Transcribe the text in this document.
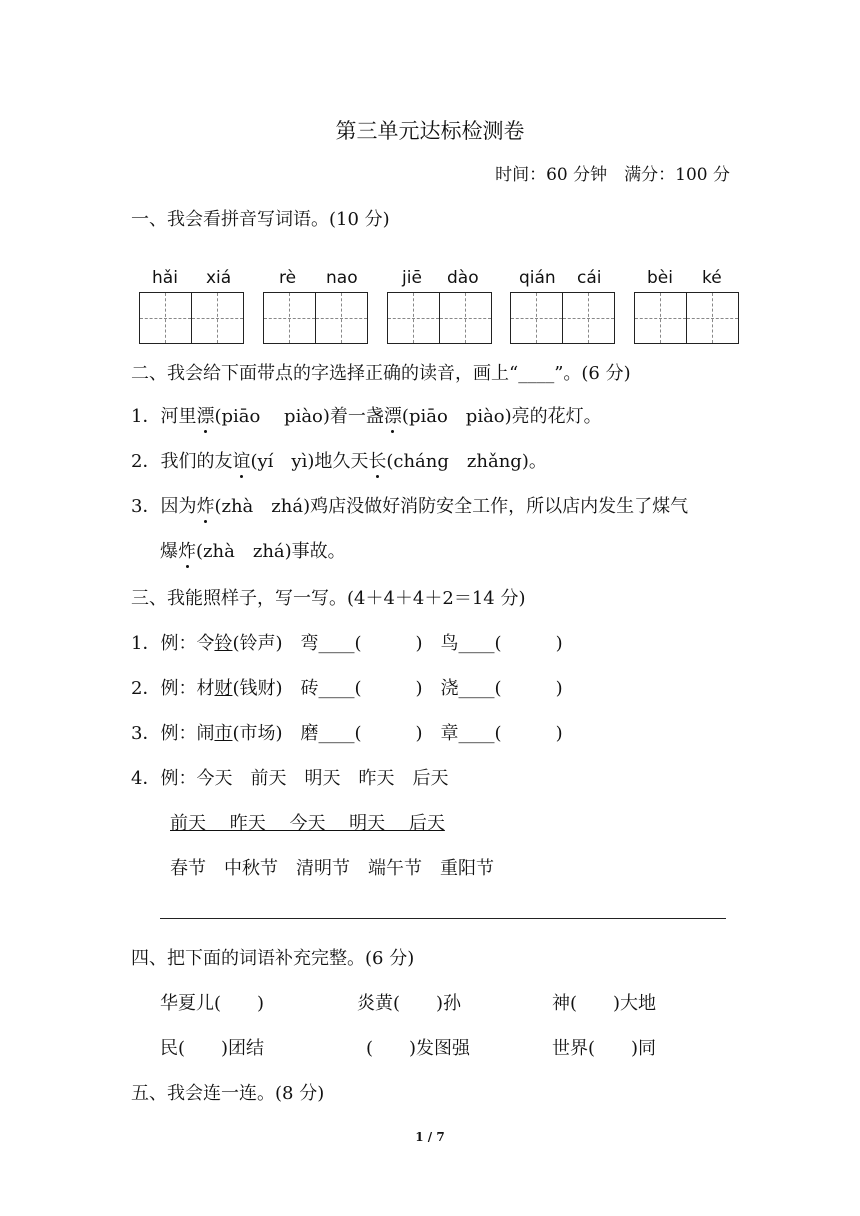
第三单元达标检测卷
时间：60 分钟　满分：100 分
一、我会看拼音写词语。(10 分)
hǎi xiá	rè nao	jiē dào qián cái	bèi ké
二、我会给下面带点的字选择正确的读音，画上“____”。(6 分)
1．河里漂(piāo　 piào)着一盏漂(piāo　piào)亮的花灯。
2．我们的友谊(yí　yì)地久天长(cháng　zhǎng)。
3．因为炸(zhà　zhá)鸡店没做好消防安全工作，所以店内发生了煤气
爆炸(zhà　zhá)事故。
三、我能照样子，写一写。(4＋4＋4＋2＝14 分)
1．例：令铃(铃声)　弯____(　　　)　鸟____(　　　)
2．例：材财(钱财)　砖____(　　　)　浇____(　　　)
3．例：闹市(市场)　磨____(　　　)　章____(　　　)
4．例：今天　前天　明天　昨天　后天
前天　 昨天　 今天　 明天　 后天
春节　中秋节　清明节　端午节　重阳节
四、把下面的词语补充完整。(6 分)
华夏儿(　　)	炎黄(　　)孙	神(　　)大地
民(　　)团结	(　　)发图强	世界(　　)同
五、我会连一连。(8 分)
1 / 7
